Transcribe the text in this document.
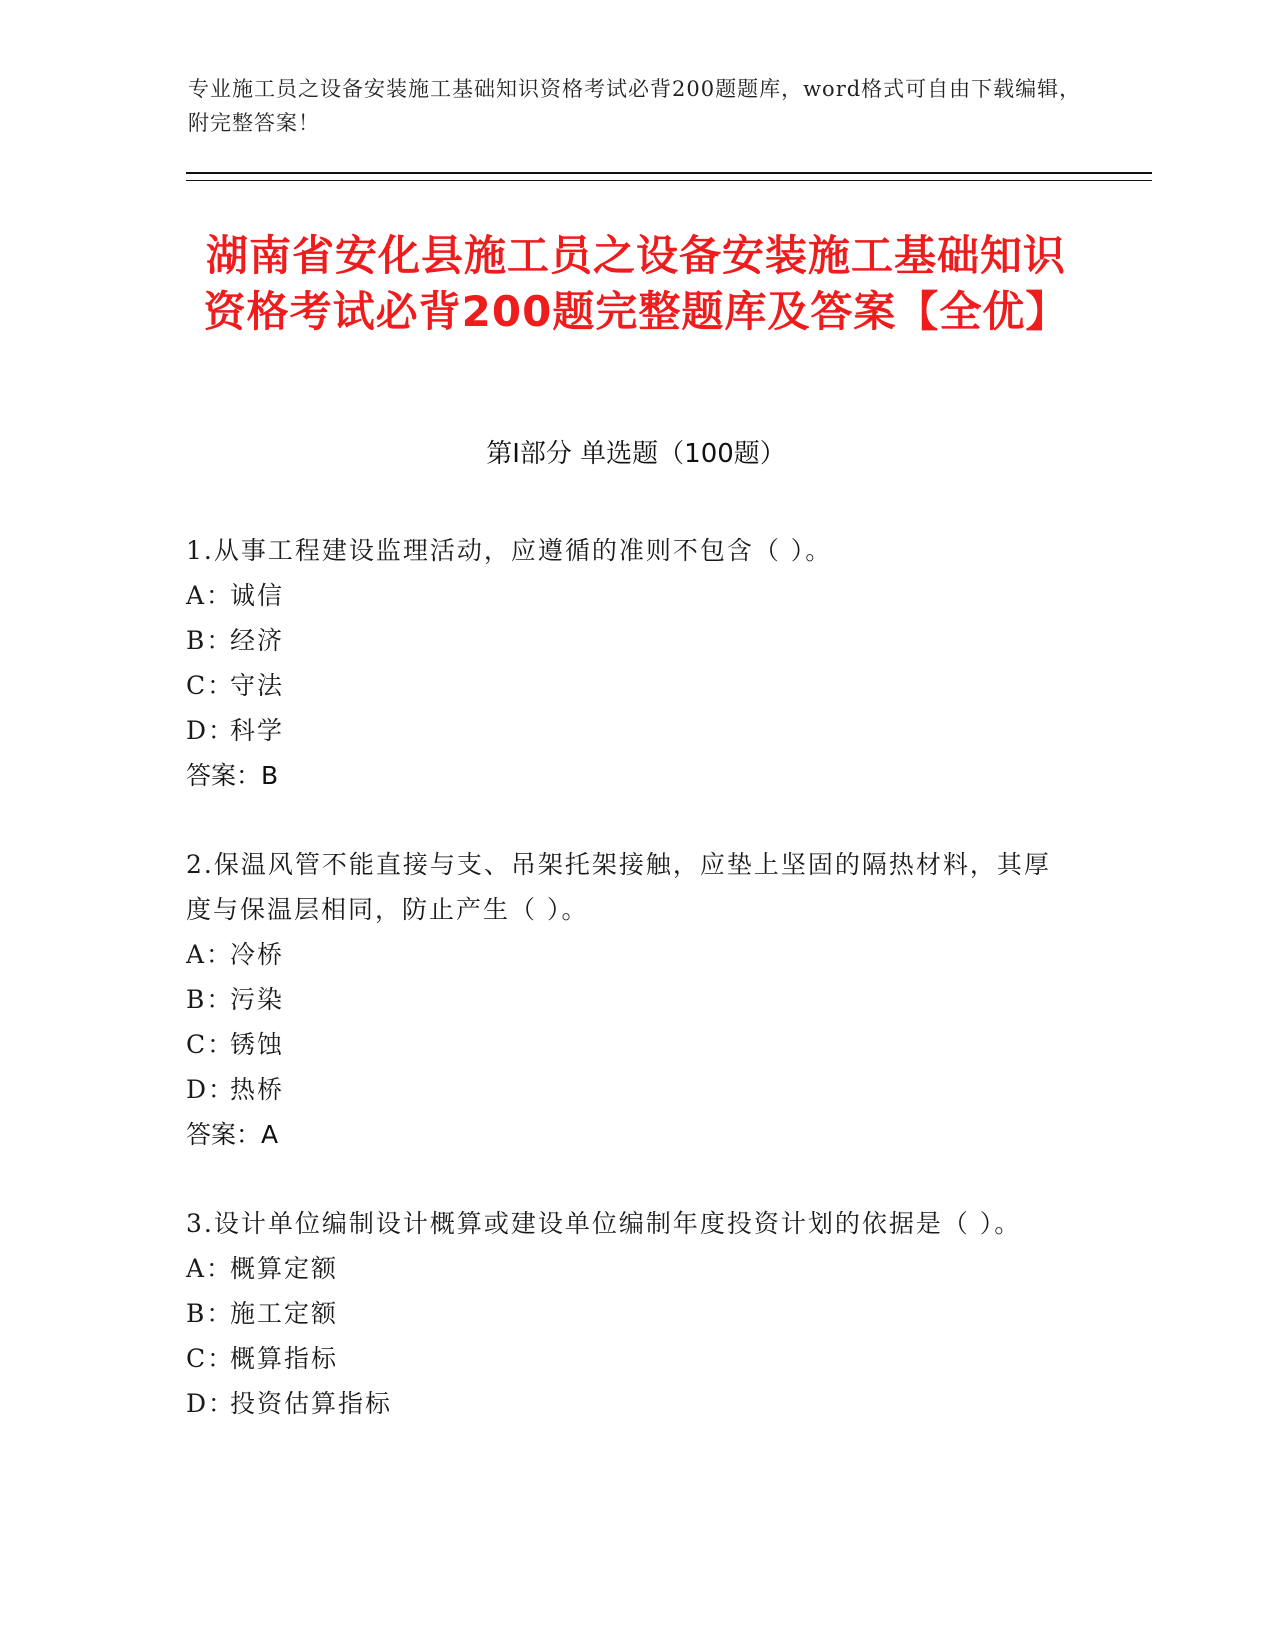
专业施工员之设备安装施工基础知识资格考试必背200题题库，word格式可自由下载编辑，附完整答案！
湖南省安化县施工员之设备安装施工基础知识资格考试必背200题完整题库及答案【全优】
第I部分 单选题（100题）

1.从事工程建设监理活动，应遵循的准则不包含（ ）。

A：诚信

B：经济

C：守法

D：科学

答案：B

2.保温风管不能直接与支、吊架托架接触，应垫上坚固的隔热材料，其厚度与保温层相同，防止产生（ ）。

A：冷桥

B：污染

C：锈蚀

D：热桥

答案：A

3.设计单位编制设计概算或建设单位编制年度投资计划的依据是（ ）。

A：概算定额

B：施工定额

C：概算指标

D：投资估算指标
